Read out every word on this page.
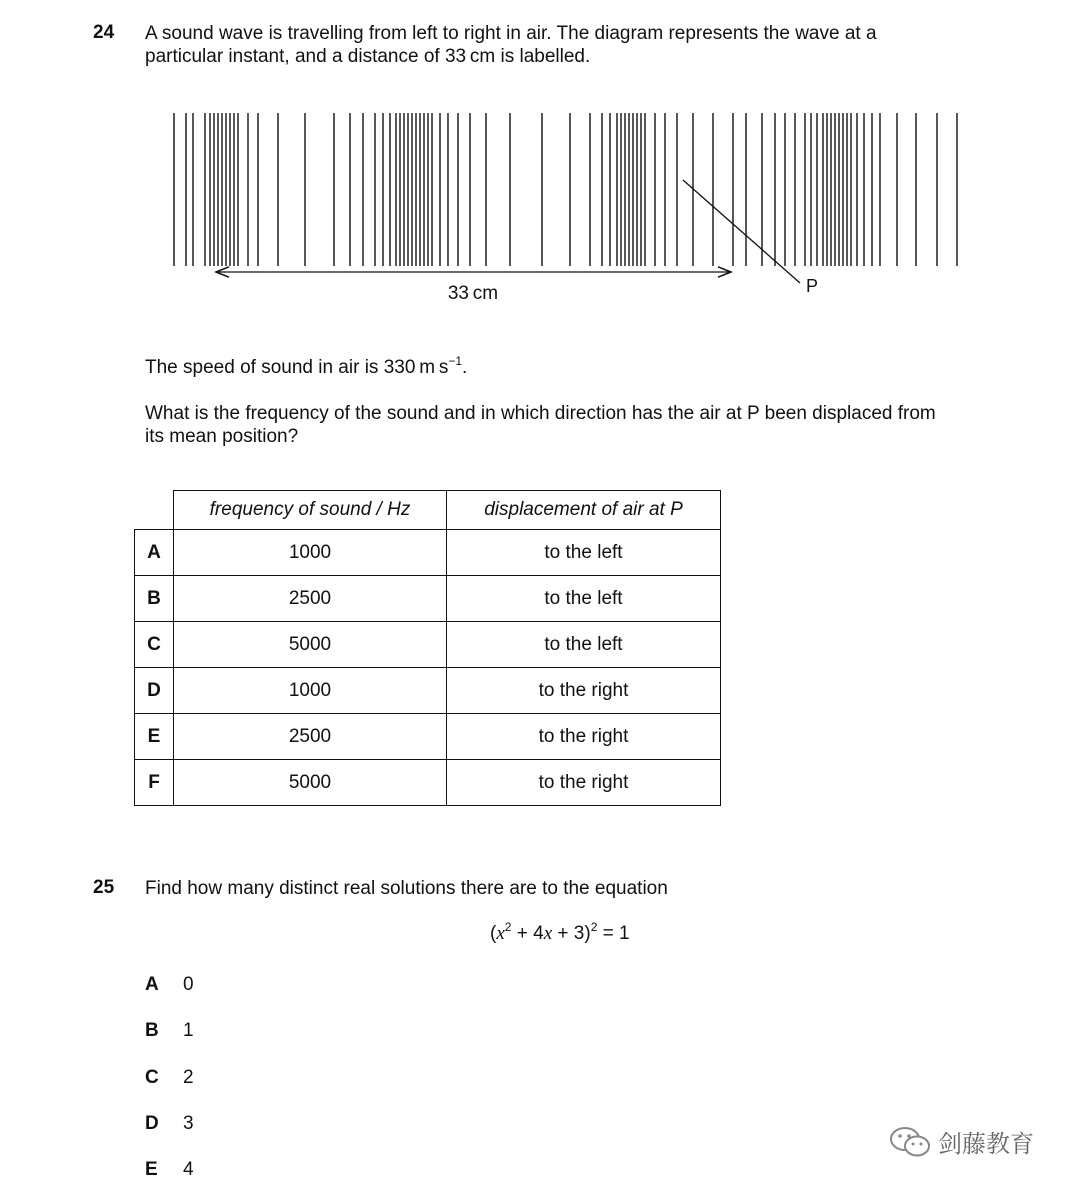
24 A sound wave is travelling from left to right in air. The diagram represents the wave at a

particular instant, and a distance of 33 cm is labelled.

33 cm	P
The speed of sound in air is 330 m $s^{-1}$.

What is the frequency of the sound and in which direction has the air at P been displaced from

its mean position?

	frequency of sound / Hz	displacement of air at P
A	1000	to the left
B	2500	to the left
C	5000	to the left
D	1000	to the right
E	2500	to the right
F	5000	to the right
25 Find how many distinct real solutions there are to the equation
$(x^2 + 4x + 3)^2 = 1$
A 0
B 1
C 2
D 3
E 4
剑藤教育
